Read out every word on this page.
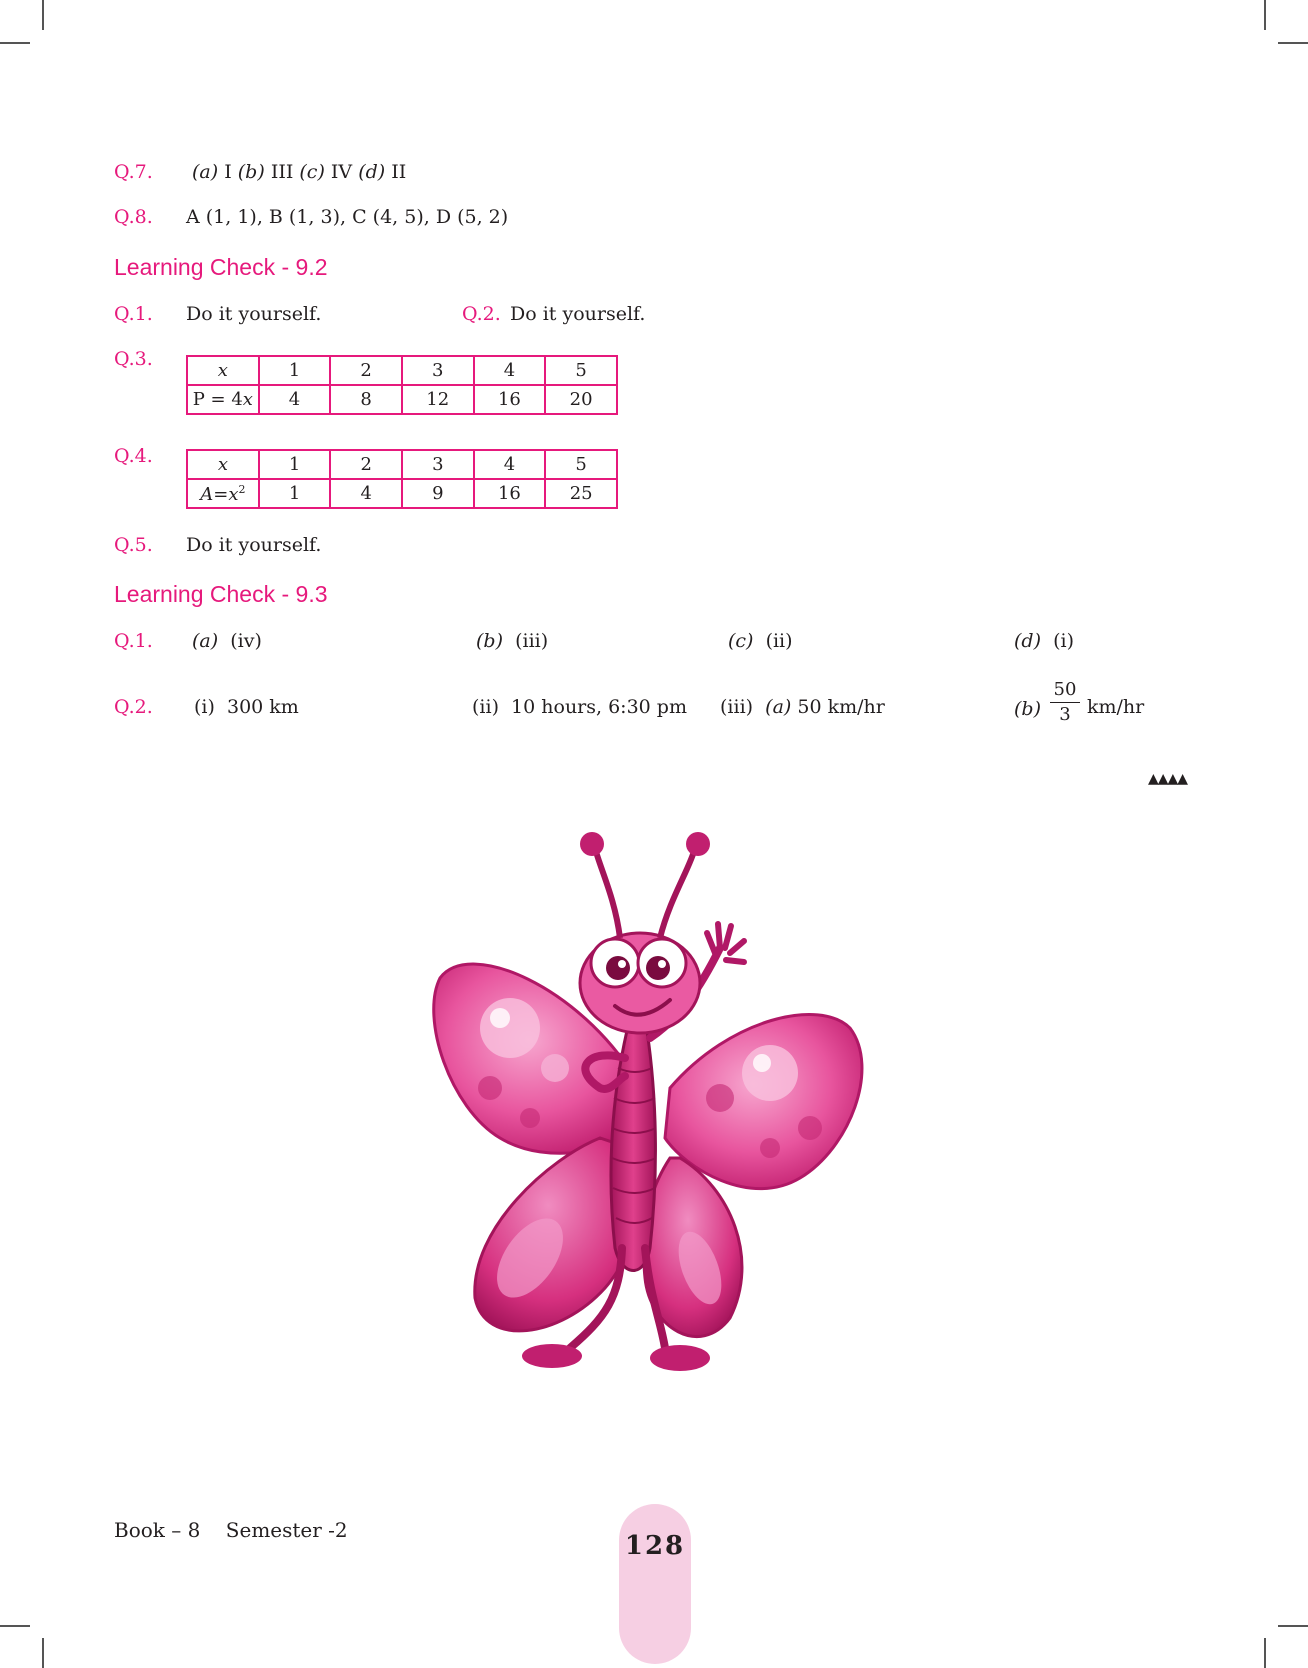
Q.7. (a) I (b) III (c) IV (d) II
Q.8. A (1, 1), B (1, 3), C (4, 5), D (5, 2)
Learning Check - 9.2
Q.1. Do it yourself.	Q.2. Do it yourself.
Q.3.
x	1	2	3	4	5
P = 4x	4	8	12	16	20
Q.4.	x	1	2	3	4	5
$A=x^2$	1	4	9	16	25
Q.5. Do it yourself.
Learning Check - 9.3
Q.1. (a) (iv)	(b) (iii)	(c) (ii)	(d) (i)
Q.2. (i)  300 km	(ii)  10 hours, 6:30 pm (iii) (a) 50 km/hr	$(b) \frac{50}{3} km/hr$
▲▲▲▲
Book – 8 Semester -2
128
